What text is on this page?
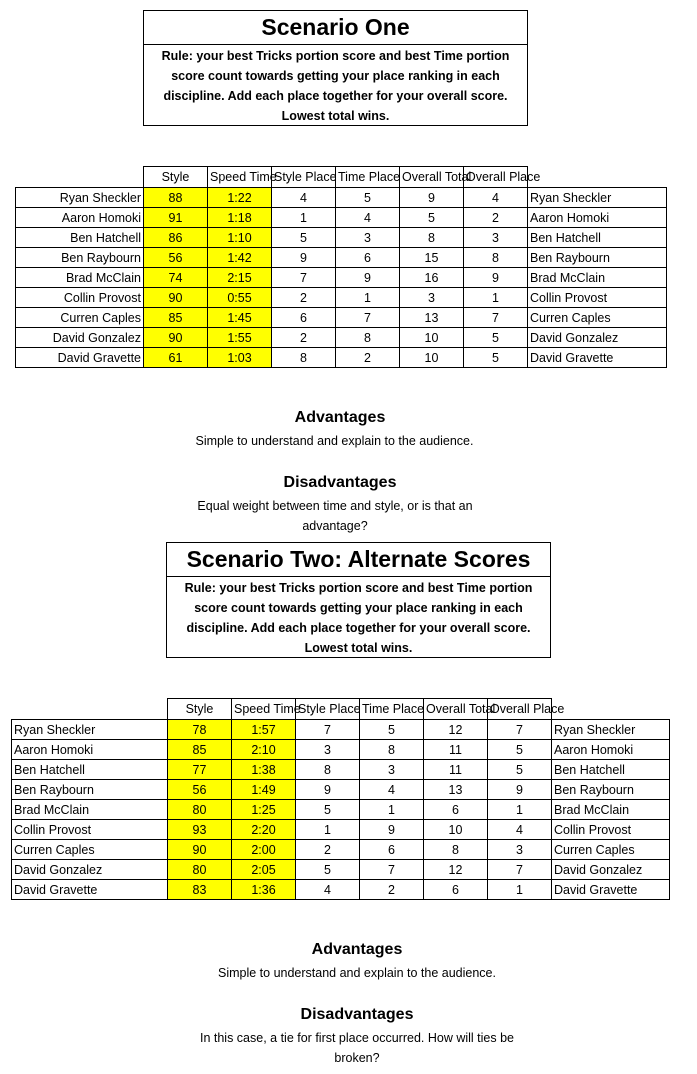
Scenario One
Rule: your best Tricks portion score and best Time portion score count towards getting your place ranking in each discipline. Add each place together for your overall score. Lowest total wins.
	Style	Speed Time	Style Place	Time Place	Overall Total	Overall Place	
Ryan Sheckler	88	1:22	4	5	9	4	Ryan Sheckler
Aaron Homoki	91	1:18	1	4	5	2	Aaron Homoki
Ben Hatchell	86	1:10	5	3	8	3	Ben Hatchell
Ben Raybourn	56	1:42	9	6	15	8	Ben Raybourn
Brad McClain	74	2:15	7	9	16	9	Brad McClain
Collin Provost	90	0:55	2	1	3	1	Collin Provost
Curren Caples	85	1:45	6	7	13	7	Curren Caples
David Gonzalez	90	1:55	2	8	10	5	David Gonzalez
David Gravette	61	1:03	8	2	10	5	David Gravette
Advantages
Simple to understand and explain to the audience.
Disadvantages
Equal weight between time and style, or is that an advantage?
Scenario Two: Alternate Scores
Rule: your best Tricks portion score and best Time portion score count towards getting your place ranking in each discipline. Add each place together for your overall score. Lowest total wins.
	Style	Speed Time	Style Place	Time Place	Overall Total	Overall Place	
Ryan Sheckler	78	1:57	7	5	12	7	Ryan Sheckler
Aaron Homoki	85	2:10	3	8	11	5	Aaron Homoki
Ben Hatchell	77	1:38	8	3	11	5	Ben Hatchell
Ben Raybourn	56	1:49	9	4	13	9	Ben Raybourn
Brad McClain	80	1:25	5	1	6	1	Brad McClain
Collin Provost	93	2:20	1	9	10	4	Collin Provost
Curren Caples	90	2:00	2	6	8	3	Curren Caples
David Gonzalez	80	2:05	5	7	12	7	David Gonzalez
David Gravette	83	1:36	4	2	6	1	David Gravette
Advantages
Simple to understand and explain to the audience.
Disadvantages
In this case, a tie for first place occurred. How will ties be broken?
